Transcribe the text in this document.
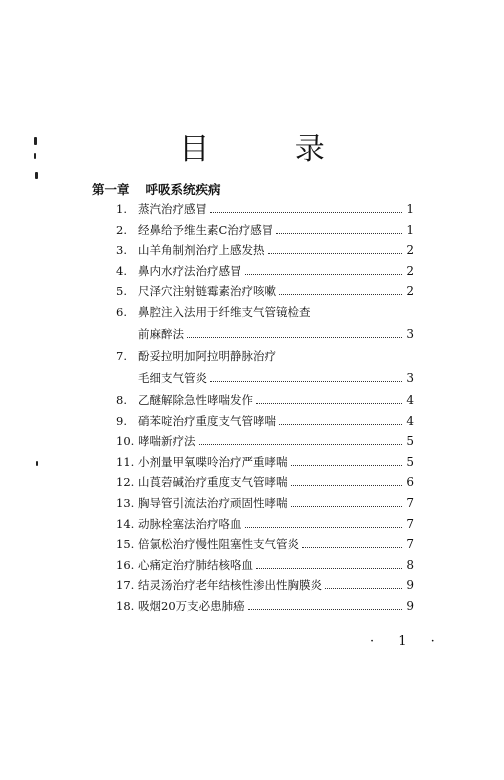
目 录
第一章 呼吸系统疾病
1. 蒸汽治疗感冒	1
2. 经鼻给予维生素C治疗感冒	1
3. 山羊角制剂治疗上感发热	2
4. 鼻内水疗法治疗感冒	2
5. 尺泽穴注射链霉素治疗咳嗽	2
6. 鼻腔注入法用于纤维支气管镜检查
前麻醉法	3
7. 酚妥拉明加阿拉明静脉治疗
毛细支气管炎	3
8. 乙醚解除急性哮喘发作	4
9. 硝苯啶治疗重度支气管哮喘	4
10. 哮喘新疗法	5
11. 小剂量甲氧喋呤治疗严重哮喘	5
12. 山莨菪碱治疗重度支气管哮喘	6
13. 胸导管引流法治疗顽固性哮喘	7
14. 动脉栓塞法治疗咯血	7
15. 倍氯松治疗慢性阻塞性支气管炎	7
16. 心痛定治疗肺结核咯血	8
17. 结灵汤治疗老年结核性渗出性胸膜炎	9
18. 吸烟20万支必患肺癌	9
· 1 ·
